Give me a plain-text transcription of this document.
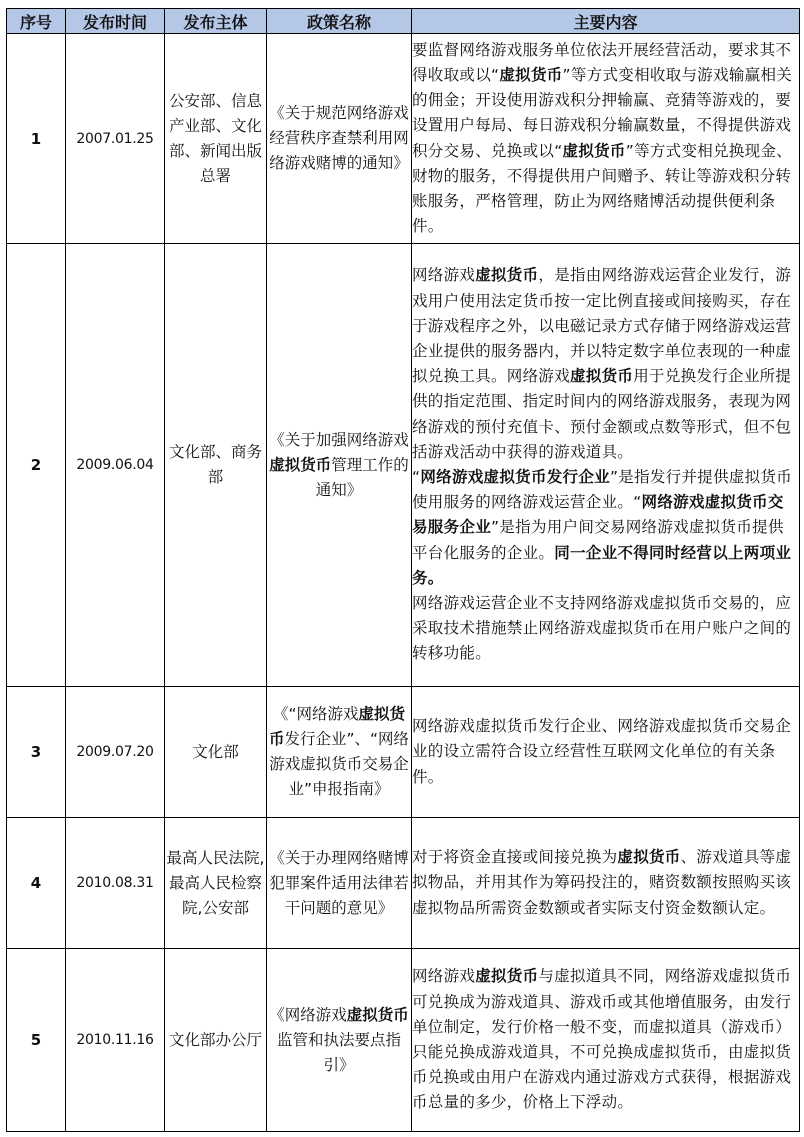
序号	发布时间	发布主体	政策名称	主要内容
1	2007.01.25	公安部、信息产业部、文化部、新闻出版总署	《关于规范网络游戏经营秩序查禁利用网络游戏赌博的通知》	要监督网络游戏服务单位依法开展经营活动，要求其不得收取或以“虚拟货币”等方式变相收取与游戏输赢相关的佣金；开设使用游戏积分押输赢、竞猜等游戏的，要设置用户每局、每日游戏积分输赢数量，不得提供游戏积分交易、兑换或以“虚拟货币”等方式变相兑换现金、财物的服务，不得提供用户间赠予、转让等游戏积分转账服务，严格管理，防止为网络赌博活动提供便利条件。
2	2009.06.04	文化部、商务部	《关于加强网络游戏虚拟货币管理工作的通知》	网络游戏虚拟货币，是指由网络游戏运营企业发行，游戏用户使用法定货币按一定比例直接或间接购买，存在于游戏程序之外，以电磁记录方式存储于网络游戏运营企业提供的服务器内，并以特定数字单位表现的一种虚拟兑换工具。网络游戏虚拟货币用于兑换发行企业所提供的指定范围、指定时间内的网络游戏服务，表现为网络游戏的预付充值卡、预付金额或点数等形式，但不包括游戏活动中获得的游戏道具。
“网络游戏虚拟货币发行企业”是指发行并提供虚拟货币使用服务的网络游戏运营企业。“网络游戏虚拟货币交易服务企业”是指为用户间交易网络游戏虚拟货币提供平台化服务的企业。同一企业不得同时经营以上两项业务。
网络游戏运营企业不支持网络游戏虚拟货币交易的，应采取技术措施禁止网络游戏虚拟货币在用户账户之间的转移功能。

3	2009.07.20	文化部	《“网络游戏虚拟货币发行企业”、“网络游戏虚拟货币交易企业”申报指南》	网络游戏虚拟货币发行企业、网络游戏虚拟货币交易企业的设立需符合设立经营性互联网文化单位的有关条件。
4	2010.08.31	最高人民法院,最高人民检察院,公安部	《关于办理网络赌博犯罪案件适用法律若干问题的意见》	对于将资金直接或间接兑换为虚拟货币、游戏道具等虚拟物品，并用其作为筹码投注的，赌资数额按照购买该虚拟物品所需资金数额或者实际支付资金数额认定。
5	2010.11.16	文化部办公厅	《网络游戏虚拟货币监管和执法要点指引》	网络游戏虚拟货币与虚拟道具不同，网络游戏虚拟货币可兑换成为游戏道具、游戏币或其他增值服务，由发行单位制定，发行价格一般不变，而虚拟道具（游戏币）只能兑换成游戏道具，不可兑换成虚拟货币，由虚拟货币兑换或由用户在游戏内通过游戏方式获得，根据游戏币总量的多少，价格上下浮动。
